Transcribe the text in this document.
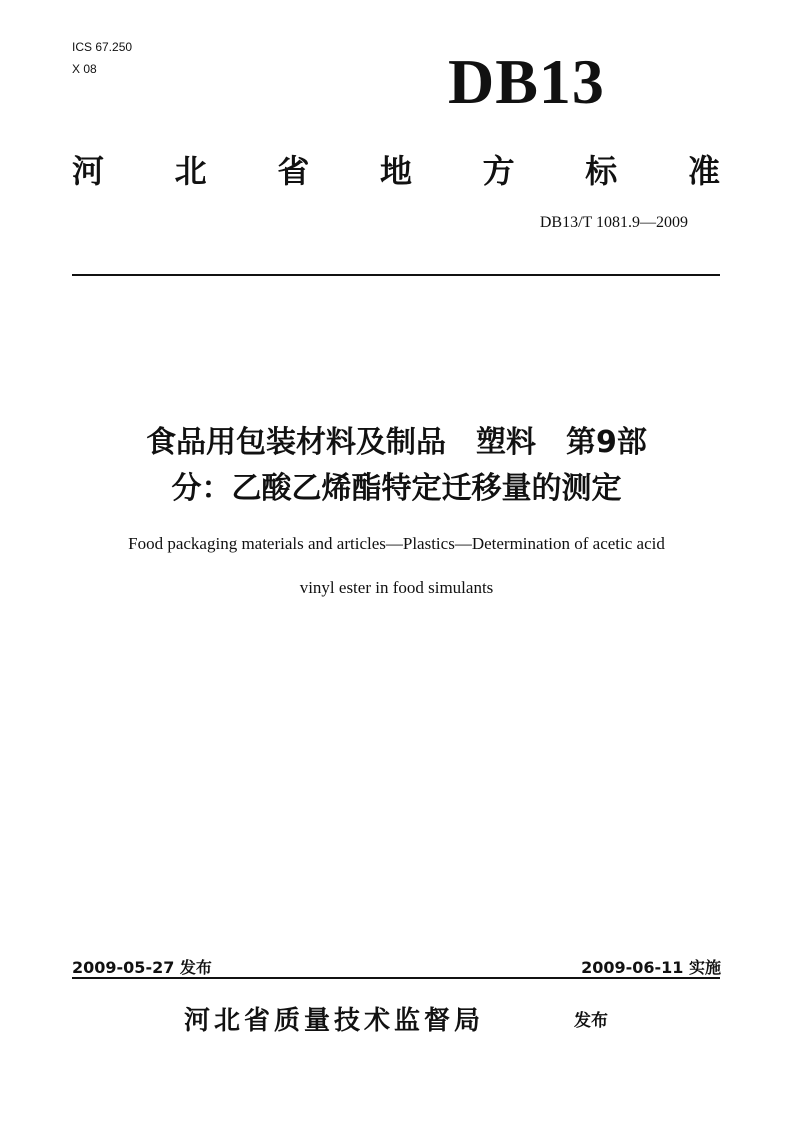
ICS 67.250
X 08	DB13
河 北 省 地 方 标 准
DB13/T 1081.9—2009
食品用包装材料及制品　塑料　第9部
分：乙酸乙烯酯特定迁移量的测定
Food packaging materials and articles—Plastics—Determination of acetic acid
vinyl ester in food simulants
2009-05-27 发布	2009-06-11 实施
河北省质量技术监督局	发布
